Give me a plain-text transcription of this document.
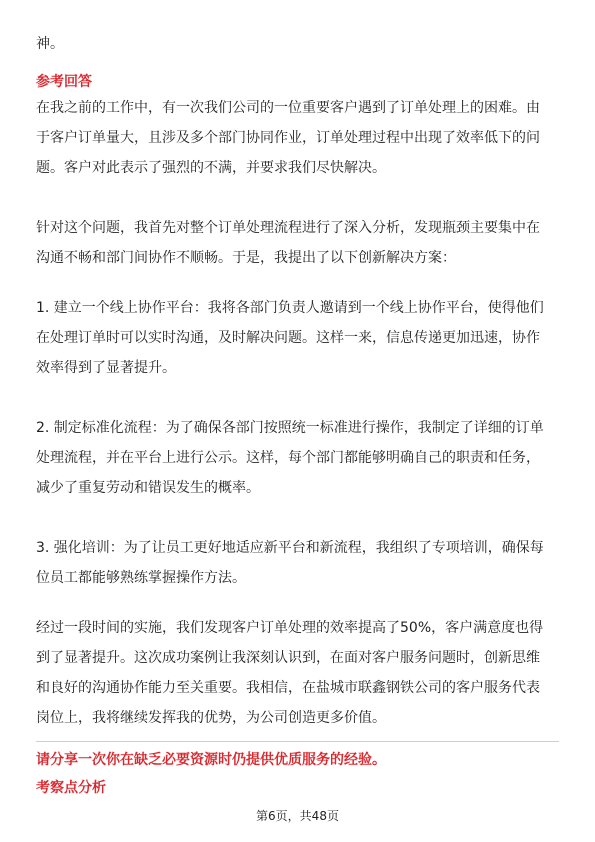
神。
参考回答
在我之前的工作中，有一次我们公司的一位重要客户遇到了订单处理上的困难。由
于客户订单量大，且涉及多个部门协同作业，订单处理过程中出现了效率低下的问
题。客户对此表示了强烈的不满，并要求我们尽快解决。
针对这个问题，我首先对整个订单处理流程进行了深入分析，发现瓶颈主要集中在
沟通不畅和部门间协作不顺畅。于是，我提出了以下创新解决方案：
1. 建立一个线上协作平台：我将各部门负责人邀请到一个线上协作平台，使得他们
在处理订单时可以实时沟通，及时解决问题。这样一来，信息传递更加迅速，协作
效率得到了显著提升。
2. 制定标准化流程：为了确保各部门按照统一标准进行操作，我制定了详细的订单
处理流程，并在平台上进行公示。这样，每个部门都能够明确自己的职责和任务，
减少了重复劳动和错误发生的概率。
3. 强化培训：为了让员工更好地适应新平台和新流程，我组织了专项培训，确保每
位员工都能够熟练掌握操作方法。
经过一段时间的实施，我们发现客户订单处理的效率提高了50%，客户满意度也得
到了显著提升。这次成功案例让我深刻认识到，在面对客户服务问题时，创新思维
和良好的沟通协作能力至关重要。我相信，在盐城市联鑫钢铁公司的客户服务代表
岗位上，我将继续发挥我的优势，为公司创造更多价值。
请分享一次你在缺乏必要资源时仍提供优质服务的经验。
考察点分析
第6页，共48页
